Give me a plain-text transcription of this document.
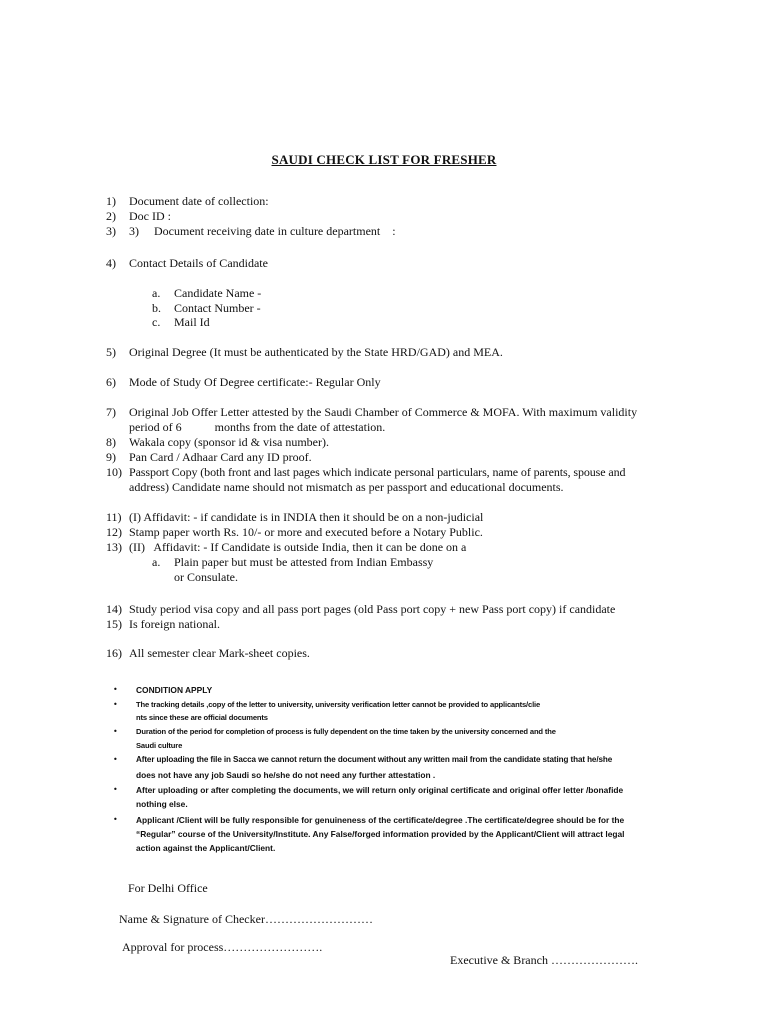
SAUDI CHECK LIST FOR FRESHER
1) Document date of collection:
2) Doc ID :
3) 3)     Document receiving date in culture department    :
4) Contact Details of Candidate
a. Candidate Name -
b. Contact Number -
c. Mail Id
5) Original Degree (It must be authenticated by the State HRD/GAD) and MEA.
6) Mode of Study Of Degree certificate:- Regular Only
7) Original Job Offer Letter attested by the Saudi Chamber of Commerce & MOFA. With maximum validity
period of 6           months from the date of attestation.
8) Wakala copy (sponsor id & visa number).
9) Pan Card / Adhaar Card any ID proof.
10) Passport Copy (both front and last pages which indicate personal particulars, name of parents, spouse and
address) Candidate name should not mismatch as per passport and educational documents.
11) (I) Affidavit: - if candidate is in INDIA then it should be on a non-judicial
12) Stamp paper worth Rs. 10/- or more and executed before a Notary Public.
13) (II)   Affidavit: - If Candidate is outside India, then it can be done on a
a. Plain paper but must be attested from Indian Embassy
or Consulate.
14) Study period visa copy and all pass port pages (old Pass port copy + new Pass port copy) if candidate
15) Is foreign national.
16) All semester clear Mark-sheet copies.
• CONDITION APPLY
• The tracking details ,copy of the letter to university, university verification letter cannot be provided to applicants/clie
nts since these are official documents
• Duration of the period for completion of process is fully dependent on the time taken by the university concerned and the
Saudi culture
• After uploading the file in Sacca we cannot return the document without any written mail from the candidate stating that he/she
does not have any job Saudi so he/she do not need any further attestation .
• After uploading or after completing the documents, we will return only original certificate and original offer letter /bonafide
nothing else.
• Applicant /Client will be fully responsible for genuineness of the certificate/degree .The certificate/degree should be for the
“Regular” course of the University/Institute. Any False/forged information provided by the Applicant/Client will attract legal
action against the Applicant/Client.
For Delhi Office
Name & Signature of Checker………………………
Approval for process…………………….
Executive & Branch ………………….
